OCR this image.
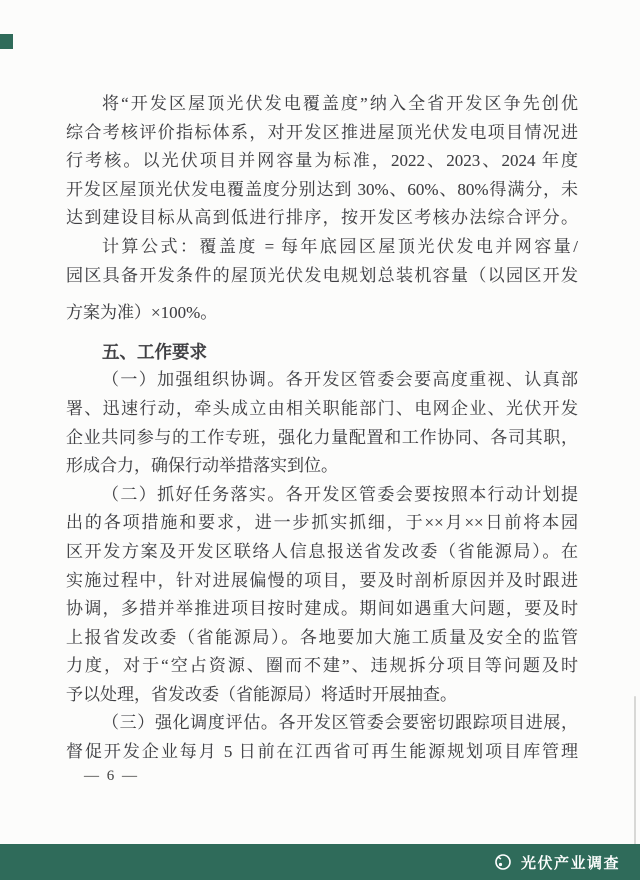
将“开发区屋顶光伏发电覆盖度”纳入全省开发区争先创优
综合考核评价指标体系，对开发区推进屋顶光伏发电项目情况进
行考核。以光伏项目并网容量为标准，2022、2023、2024 年度
开发区屋顶光伏发电覆盖度分别达到 30%、60%、80%得满分，未
达到建设目标从高到低进行排序，按开发区考核办法综合评分。
计算公式：覆盖度 = 每年底园区屋顶光伏发电并网容量/
园区具备开发条件的屋顶光伏发电规划总装机容量（以园区开发
方案为准）×100%。
五、工作要求
（一）加强组织协调。各开发区管委会要高度重视、认真部
署、迅速行动，牵头成立由相关职能部门、电网企业、光伏开发
企业共同参与的工作专班，强化力量配置和工作协同、各司其职，
形成合力，确保行动举措落实到位。
（二）抓好任务落实。各开发区管委会要按照本行动计划提
出的各项措施和要求，进一步抓实抓细，于××月××日前将本园
区开发方案及开发区联络人信息报送省发改委（省能源局）。在
实施过程中，针对进展偏慢的项目，要及时剖析原因并及时跟进
协调，多措并举推进项目按时建成。期间如遇重大问题，要及时
上报省发改委（省能源局）。各地要加大施工质量及安全的监管
力度，对于“空占资源、圈而不建”、违规拆分项目等问题及时
予以处理，省发改委（省能源局）将适时开展抽查。
（三）强化调度评估。各开发区管委会要密切跟踪项目进展，
督促开发企业每月 5 日前在江西省可再生能源规划项目库管理
— 6 —
光伏产业调查
